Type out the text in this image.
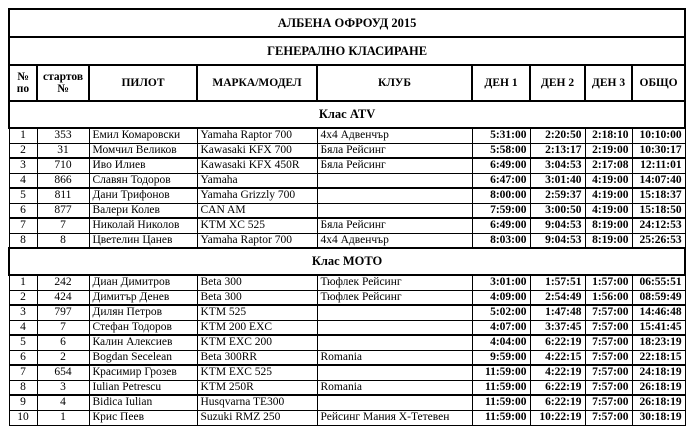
АЛБЕНА ОФРОУД 2015								
ГЕНЕРАЛНО КЛАСИРАНЕ								
№ по	стартов №	ПИЛОТ	МАРКА/МОДЕЛ	КЛУБ	ДЕН 1	ДЕН 2	ДЕН 3	ОБЩО
Клас ATV								
1	353	Емил Комаровски	Yamaha Raptor 700	4x4 Адвенчър	5:31:00	2:20:50	2:18:10	10:10:00
2	31	Момчил Великов	Kawasaki KFX 700	Бяла Рейсинг	5:58:00	2:13:17	2:19:00	10:30:17
3	710	Иво Илиев	Kawasaki KFX 450R	Бяла Рейсинг	6:49:00	3:04:53	2:17:08	12:11:01
4	866	Славян Тодоров	Yamaha		6:47:00	3:01:40	4:19:00	14:07:40
5	811	Дани Трифонов	Yamaha Grizzly 700		8:00:00	2:59:37	4:19:00	15:18:37
6	877	Валери Колев	CAN AM		7:59:00	3:00:50	4:19:00	15:18:50
7	7	Николай Николов	KTM XC 525	Бяла Рейсинг	6:49:00	9:04:53	8:19:00	24:12:53
8	8	Цветелин Цанев	Yamaha Raptor 700	4x4 Адвенчър	8:03:00	9:04:53	8:19:00	25:26:53
Клас МОТО								
1	242	Диан Димитров	Beta 300	Тюфлек Рейсинг	3:01:00	1:57:51	1:57:00	06:55:51
2	424	Димитър Денев	Beta 300	Тюфлек Рейсинг	4:09:00	2:54:49	1:56:00	08:59:49
3	797	Дилян Петров	KTM 525		5:02:00	1:47:48	7:57:00	14:46:48
4	7	Стефан Тодоров	KTM 200 EXC		4:07:00	3:37:45	7:57:00	15:41:45
5	6	Калин Алексиев	KTM EXC 200		4:04:00	6:22:19	7:57:00	18:23:19
6	2	Bogdan Secelean	Beta 300RR	Romania	9:59:00	4:22:15	7:57:00	22:18:15
7	654	Красимир Грозев	KTM EXC 525		11:59:00	4:22:19	7:57:00	24:18:19
8	3	Iulian Petrescu	KTM 250R	Romania	11:59:00	6:22:19	7:57:00	26:18:19
9	4	Bidica Iulian	Husqvarna TE300		11:59:00	6:22:19	7:57:00	26:18:19
10	1	Крис Пеев	Suzuki RMZ 250	Рейсинг Мания Х-Тетевен	11:59:00	10:22:19	7:57:00	30:18:19
